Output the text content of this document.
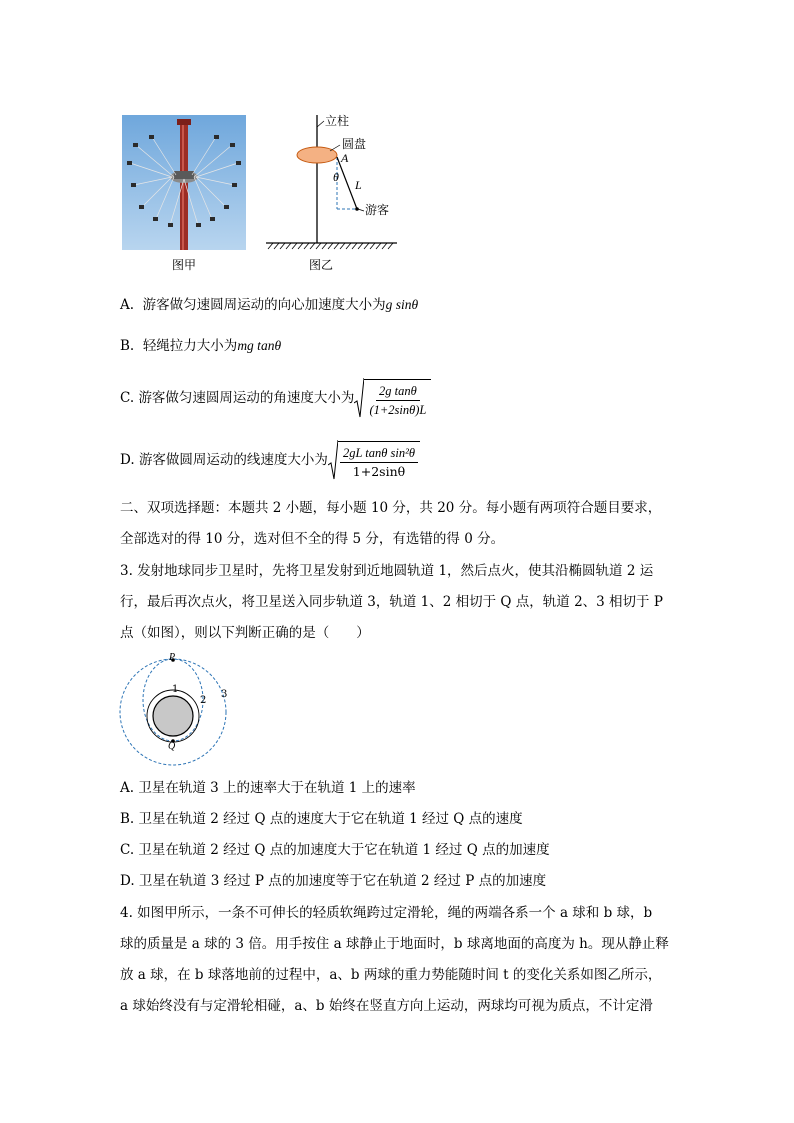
图甲
立柱
圆盘
A
θ
L
游客
图乙
A. 游客做匀速圆周运动的向心加速度大小为g sinθ
B. 轻绳拉力大小为mg tanθ
C.
游客做匀速圆周运动的角速度大小为 $\frac{\text{2g tanθ}}{(1+2\sin\theta)L}$
D.
游客做圆周运动的线速度大小为 $\frac{\text{2gL tanθ sin²θ}}{1+2\sin\theta}$
二、双项选择题：本题共 2 小题，每小题 10 分，共 20 分。每小题有两项符合题目要求，
全部选对的得 10 分，选对但不全的得 5 分，有选错的得 0 分。
3. 发射地球同步卫星时，先将卫星发射到近地圆轨道 1，然后点火，使其沿椭圆轨道 2 运
行，最后再次点火，将卫星送入同步轨道 3，轨道 1、2 相切于 Q 点，轨道 2、3 相切于 P
点（如图），则以下判断正确的是（　　）
P
Q
1
2
3
A. 卫星在轨道 3 上的速率大于在轨道 1 上的速率
B. 卫星在轨道 2 经过 Q 点的速度大于它在轨道 1 经过 Q 点的速度
C. 卫星在轨道 2 经过 Q 点的加速度大于它在轨道 1 经过 Q 点的加速度
D. 卫星在轨道 3 经过 P 点的加速度等于它在轨道 2 经过 P 点的加速度
4. 如图甲所示，一条不可伸长的轻质软绳跨过定滑轮，绳的两端各系一个 a 球和 b 球，b
球的质量是 a 球的 3 倍。用手按住 a 球静止于地面时，b 球离地面的高度为 h。现从静止释
放 a 球，在 b 球落地前的过程中，a、b 两球的重力势能随时间 t 的变化关系如图乙所示，
a 球始终没有与定滑轮相碰，a、b 始终在竖直方向上运动，两球均可视为质点，不计定滑
